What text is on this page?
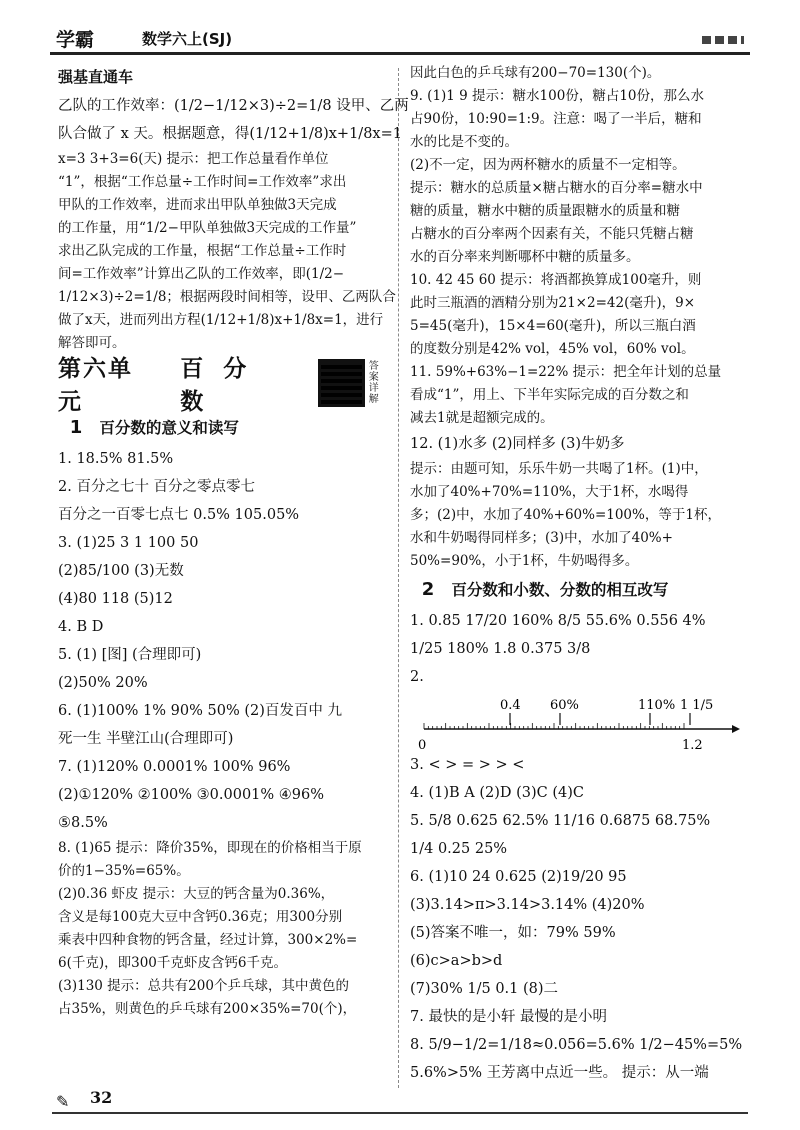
学霸	数学六上(SJ)
强基直通车
乙队的工作效率：(1/2−1/12×3)÷2=1/8 设甲、乙两
队合做了 x 天。根据题意，得(1/12+1/8)x+1/8x=1
x=3 3+3=6(天) 提示：把工作总量看作单位
“1”，根据“工作总量÷工作时间=工作效率”求出
甲队的工作效率，进而求出甲队单独做3天完成
的工作量，用“1/2−甲队单独做3天完成的工作量”
求出乙队完成的工作量，根据“工作总量÷工作时
间=工作效率”计算出乙队的工作效率，即(1/2−
1/12×3)÷2=1/8；根据两段时间相等，设甲、乙两队合
做了x天，进而列出方程(1/12+1/8)x+1/8x=1，进行
解答即可。
第六单元
百分数
答案详解
1 百分数的意义和读写
1. 18.5% 81.5%
2. 百分之七十 百分之零点零七
百分之一百零七点七 0.5% 105.05%
3. (1)25 3 1 100 50
(2)85/100 (3)无数
(4)80 118 (5)12
4. B D
5. (1) [图] (合理即可)
(2)50% 20%
6. (1)100% 1% 90% 50% (2)百发百中 九
死一生 半壁江山(合理即可)
7. (1)120% 0.0001% 100% 96%
(2)①120% ②100% ③0.0001% ④96%
⑤8.5%
8. (1)65 提示：降价35%，即现在的价格相当于原
价的1−35%=65%。
(2)0.36 虾皮 提示：大豆的钙含量为0.36%，
含义是每100克大豆中含钙0.36克；用300分别
乘表中四种食物的钙含量，经过计算，300×2%=
6(千克)，即300千克虾皮含钙6千克。
(3)130 提示：总共有200个乒乓球，其中黄色的
占35%，则黄色的乒乓球有200×35%=70(个)，
因此白色的乒乓球有200−70=130(个)。
9. (1)1 9 提示：糖水100份，糖占10份，那么水
占90份，10:90=1:9。注意：喝了一半后，糖和
水的比是不变的。
(2)不一定，因为两杯糖水的质量不一定相等。
提示：糖水的总质量×糖占糖水的百分率=糖水中
糖的质量，糖水中糖的质量跟糖水的质量和糖
占糖水的百分率两个因素有关，不能只凭糖占糖
水的百分率来判断哪杯中糖的质量多。
10. 42 45 60 提示：将酒都换算成100毫升，则
此时三瓶酒的酒精分别为21×2=42(毫升)，9×
5=45(毫升)，15×4=60(毫升)，所以三瓶白酒
的度数分别是42% vol，45% vol，60% vol。
11. 59%+63%−1=22% 提示：把全年计划的总量
看成“1”，用上、下半年实际完成的百分数之和
减去1就是超额完成的。
12. (1)水多 (2)同样多 (3)牛奶多
提示：由题可知，乐乐牛奶一共喝了1杯。(1)中，
水加了40%+70%=110%，大于1杯，水喝得
多；(2)中，水加了40%+60%=100%，等于1杯，
水和牛奶喝得同样多；(3)中，水加了40%+
50%=90%，小于1杯，牛奶喝得多。
2 百分数和小数、分数的相互改写
1. 0.85 17/20 160% 8/5 55.6% 0.556 4%
1/25 180% 1.8 0.375 3/8
2.
0	1.2
0.4 60%	110% 1 1/5
3. < > = > > <
4. (1)B A (2)D (3)C (4)C
5. 5/8 0.625 62.5% 11/16 0.6875 68.75%
1/4 0.25 25%
6. (1)10 24 0.625 (2)19/20 95
(3)3.14>π>3.14>3.14% (4)20%
(5)答案不唯一，如：79% 59%
(6)c>a>b>d
(7)30% 1/5 0.1 (8)二
7. 最快的是小轩 最慢的是小明
8. 5/9−1/2=1/18≈0.056=5.6% 1/2−45%=5%
5.6%>5% 王芳离中点近一些。 提示：从一端
✎ 32
